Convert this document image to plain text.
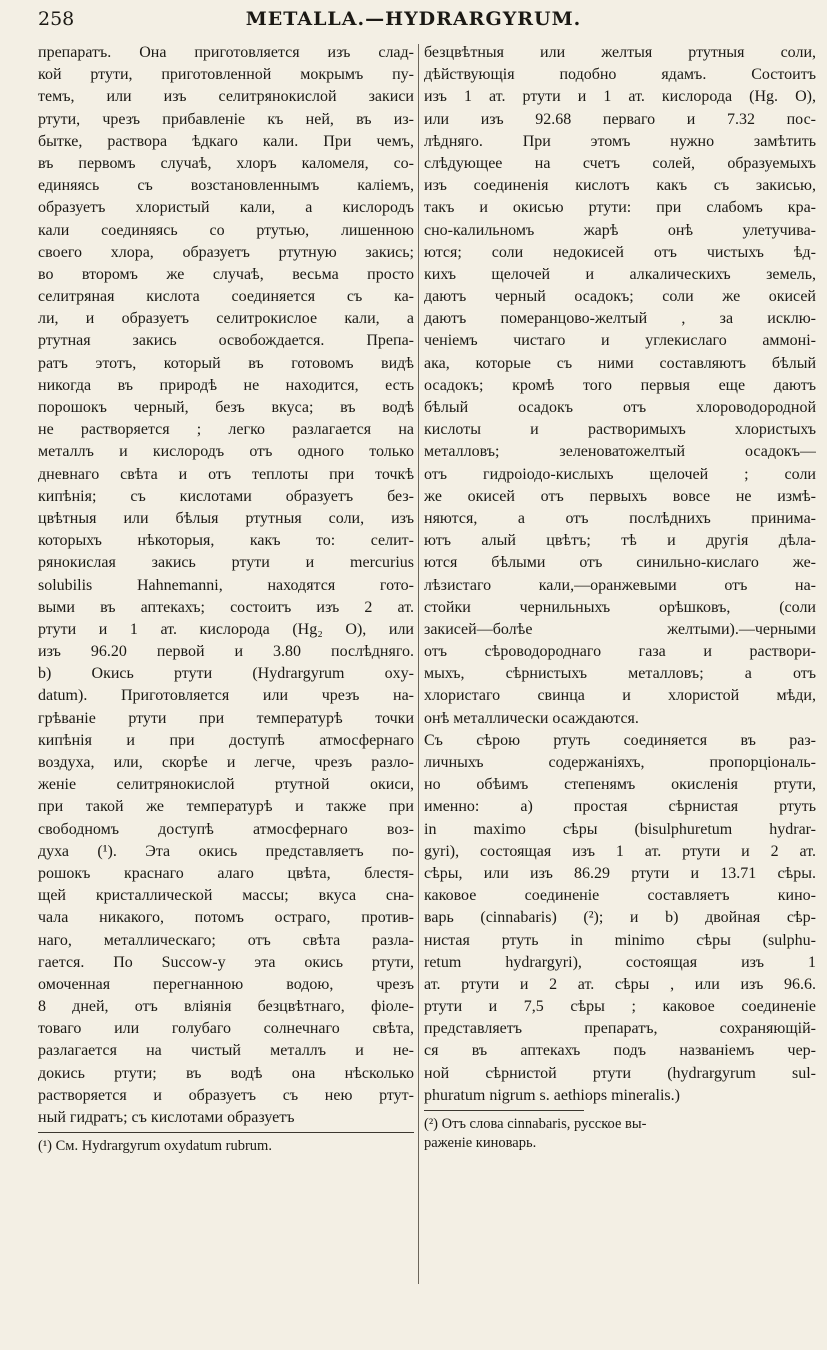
258	METALLA.—HYDRARGYRUM.
препаратъ. Она приготовляется изъ слад-
кой ртути, приготовленной мокрымъ пу-
темъ, или изъ селитрянокислой закиси
ртути, чрезъ прибавленіе къ ней, въ из-
бытке, раствора ѣдкаго кали. При чемъ,
въ первомъ случаѣ, хлоръ каломеля, со-
единяясь съ возстановленнымъ каліемъ,
образуетъ хлористый кали, а кислородъ
кали соединяясь со ртутью, лишенною
своего хлора, образуетъ ртутную закись;
во второмъ же случаѣ, весьма просто
селитряная кислота соединяется съ ка-
ли, и образуетъ селитрокислое кали, а
ртутная закись освобождается. Препа-
ратъ этотъ, который въ готовомъ видѣ
никогда въ природѣ не находится, есть
порошокъ черный, безъ вкуса; въ водѣ
не растворяется ; легко разлагается на
металлъ и кислородъ отъ одного только
дневнаго свѣта и отъ теплоты при точкѣ
кипѣнія; съ кислотами образуетъ без-
цвѣтныя или бѣлыя ртутныя соли, изъ
которыхъ нѣкоторыя, какъ то: селит-
рянокислая закись ртути и mercurius
solubilis Hahnemanni, находятся гото-
выми въ аптекахъ; состоитъ изъ 2 ат.
ртути и 1 ат. кислорода (Hg₂ O), или
изъ 96.20 первой и 3.80 послѣдняго.
b) Окись ртути (Hydrargyrum oxy-
datum). Приготовляется или чрезъ на-
грѣваніе ртути при температурѣ точки
кипѣнія и при доступѣ атмосфернаго
воздуха, или, скорѣе и легче, чрезъ разло-
женіе селитрянокислой ртутной окиси,
при такой же температурѣ и также при
свободномъ доступѣ атмосфернаго воз-
духа (¹). Эта окись представляетъ по-
рошокъ краснаго алаго цвѣта, блестя-
щей кристаллической массы; вкуса сна-
чала никакого, потомъ остраго, против-
наго, металлическаго; отъ свѣта разла-
гается. По Succow-у эта окись ртути,
омоченная перегнанною водою, чрезъ
8 дней, отъ вліянія безцвѣтнаго, фіоле-
товаго или голубаго солнечнаго свѣта,
разлагается на чистый металлъ и не-
докись ртути; въ водѣ она нѣсколько
растворяется и образуетъ съ нею ртут-
ный гидратъ; съ кислотами образуетъ
(¹) См. Hydrargyrum oxydatum rubrum.
безцвѣтныя или желтыя ртутныя соли,
дѣйствующія подобно ядамъ. Состоитъ
изъ 1 ат. ртути и 1 ат. кислорода (Hg. O),
или изъ 92.68 перваго и 7.32 пос-
лѣдняго. При этомъ нужно замѣтить
слѣдующее на счетъ солей, образуемыхъ
изъ соединенія кислотъ какъ съ закисью,
такъ и окисью ртути: при слабомъ кра-
сно-калильномъ жарѣ онѣ улетучива-
ются; соли недокисей отъ чистыхъ ѣд-
кихъ щелочей и алкалическихъ земель,
даютъ черный осадокъ; соли же окисей
даютъ померанцово-желтый , за исклю-
ченіемъ чистаго и углекислаго аммоні-
ака, которые съ ними составляютъ бѣлый
осадокъ; кромѣ того первыя еще даютъ
бѣлый осадокъ отъ хлороводородной
кислоты и растворимыхъ хлористыхъ
металловъ; зеленоватожелтый осадокъ—
отъ гидроіодо-кислыхъ щелочей ; соли
же окисей отъ первыхъ вовсе не измѣ-
няются, а отъ послѣднихъ принима-
ютъ алый цвѣтъ; тѣ и другія дѣла-
ются бѣлыми отъ синильно-кислаго же-
лѣзистаго кали,—оранжевыми отъ на-
стойки чернильныхъ орѣшковъ, (соли
закисей—болѣе желтыми).—черными
отъ сѣроводороднаго газа и раствори-
мыхъ, сѣрнистыхъ металловъ; а отъ
хлористаго свинца и хлористой мѣди,
онѣ металлически осаждаются.
Съ сѣрою ртуть соединяется въ раз-
личныхъ содержаніяхъ, пропорціональ-
но обѣимъ степенямъ окисленія ртути,
именно: a) простая сѣрнистая ртуть
in maximo сѣры (bisulphuretum hydrar-
gyri), состоящая изъ 1 ат. ртути и 2 ат.
сѣры, или изъ 86.29 ртути и 13.71 сѣры.
каковое соединеніе составляетъ кино-
варь (cinnabaris) (²); и b) двойная сѣр-
нистая ртуть in minimo сѣры (sulphu-
retum hydrargyri), состоящая изъ 1
ат. ртути и 2 ат. сѣры , или изъ 96.6.
ртути и 7,5 сѣры ; каковое соединеніе
представляетъ препаратъ, сохраняющій-
ся въ аптекахъ подъ названіемъ чер-
ной сѣрнистой ртути (hydrargyrum sul-
phuratum nigrum s. aethiops mineralis.)
(²) Отъ слова cinnabaris, русское вы-
раженіе киноварь.
